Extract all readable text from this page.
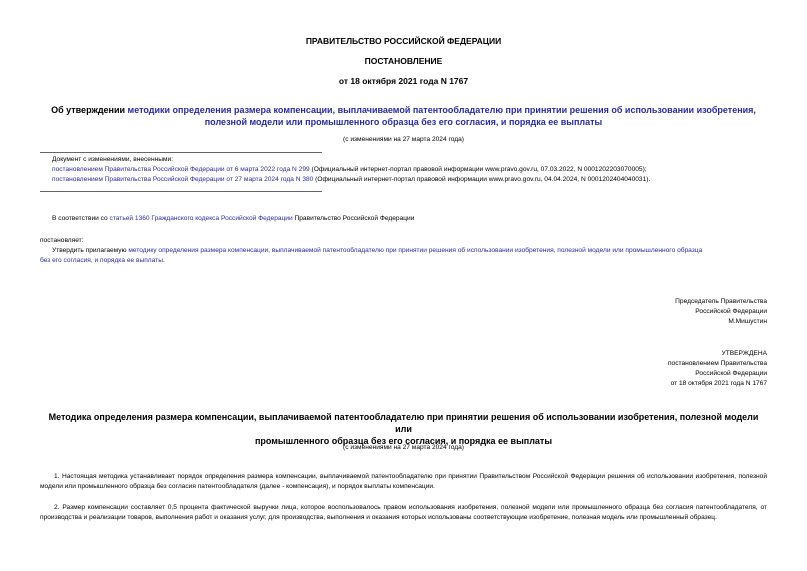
ПРАВИТЕЛЬСТВО РОССИЙСКОЙ ФЕДЕРАЦИИ
ПОСТАНОВЛЕНИЕ
от 18 октября 2021 года N 1767
Об утверждении методики определения размера компенсации, выплачиваемой патентообладателю при принятии решения об использовании изобретения,
полезной модели или промышленного образца без его согласия, и порядка ее выплаты
(с изменениями на 27 марта 2024 года)
Документ с изменениями, внесенными:
постановлением Правительства Российской Федерации от 6 марта 2022 года N 299 (Официальный интернет-портал правовой информации www.pravo.gov.ru, 07.03.2022, N 0001202203070005);
постановлением Правительства Российской Федерации от 27 марта 2024 года N 380 (Официальный интернет-портал правовой информации www.pravo.gov.ru, 04.04.2024, N 0001202404040031).
В соответствии со статьей 1360 Гражданского кодекса Российской Федерации Правительство Российской Федерации
постановляет:
Утвердить прилагаемую методику определения размера компенсации, выплачиваемой патентообладателю при принятии решения об использовании изобретения, полезной модели или промышленного образца
без его согласия, и порядка ее выплаты.
Председатель Правительства
Российской Федерации
М.Мишустин
УТВЕРЖДЕНА
постановлением Правительства
Российской Федерации
от 18 октября 2021 года N 1767
Методика определения размера компенсации, выплачиваемой патентообладателю при принятии решения об использовании изобретения, полезной модели или
промышленного образца без его согласия, и порядка ее выплаты
(с изменениями на 27 марта 2024 года)
1. Настоящая методика устанавливает порядок определения размера компенсации, выплачиваемой патентообладателю при принятии Правительством Российской Федерации решения об использовании изобретения, полезной модели или промышленного образца без согласия патентообладателя (далее - компенсация), и порядок выплаты компенсации.
2. Размер компенсации составляет 0,5 процента фактической выручки лица, которое воспользовалось правом использования изобретения, полезной модели или промышленного образца без согласия патентообладателя, от производства и реализации товаров, выполнения работ и оказания услуг, для производства, выполнения и оказания которых использованы соответствующие изобретение, полезная модель или промышленный образец.
